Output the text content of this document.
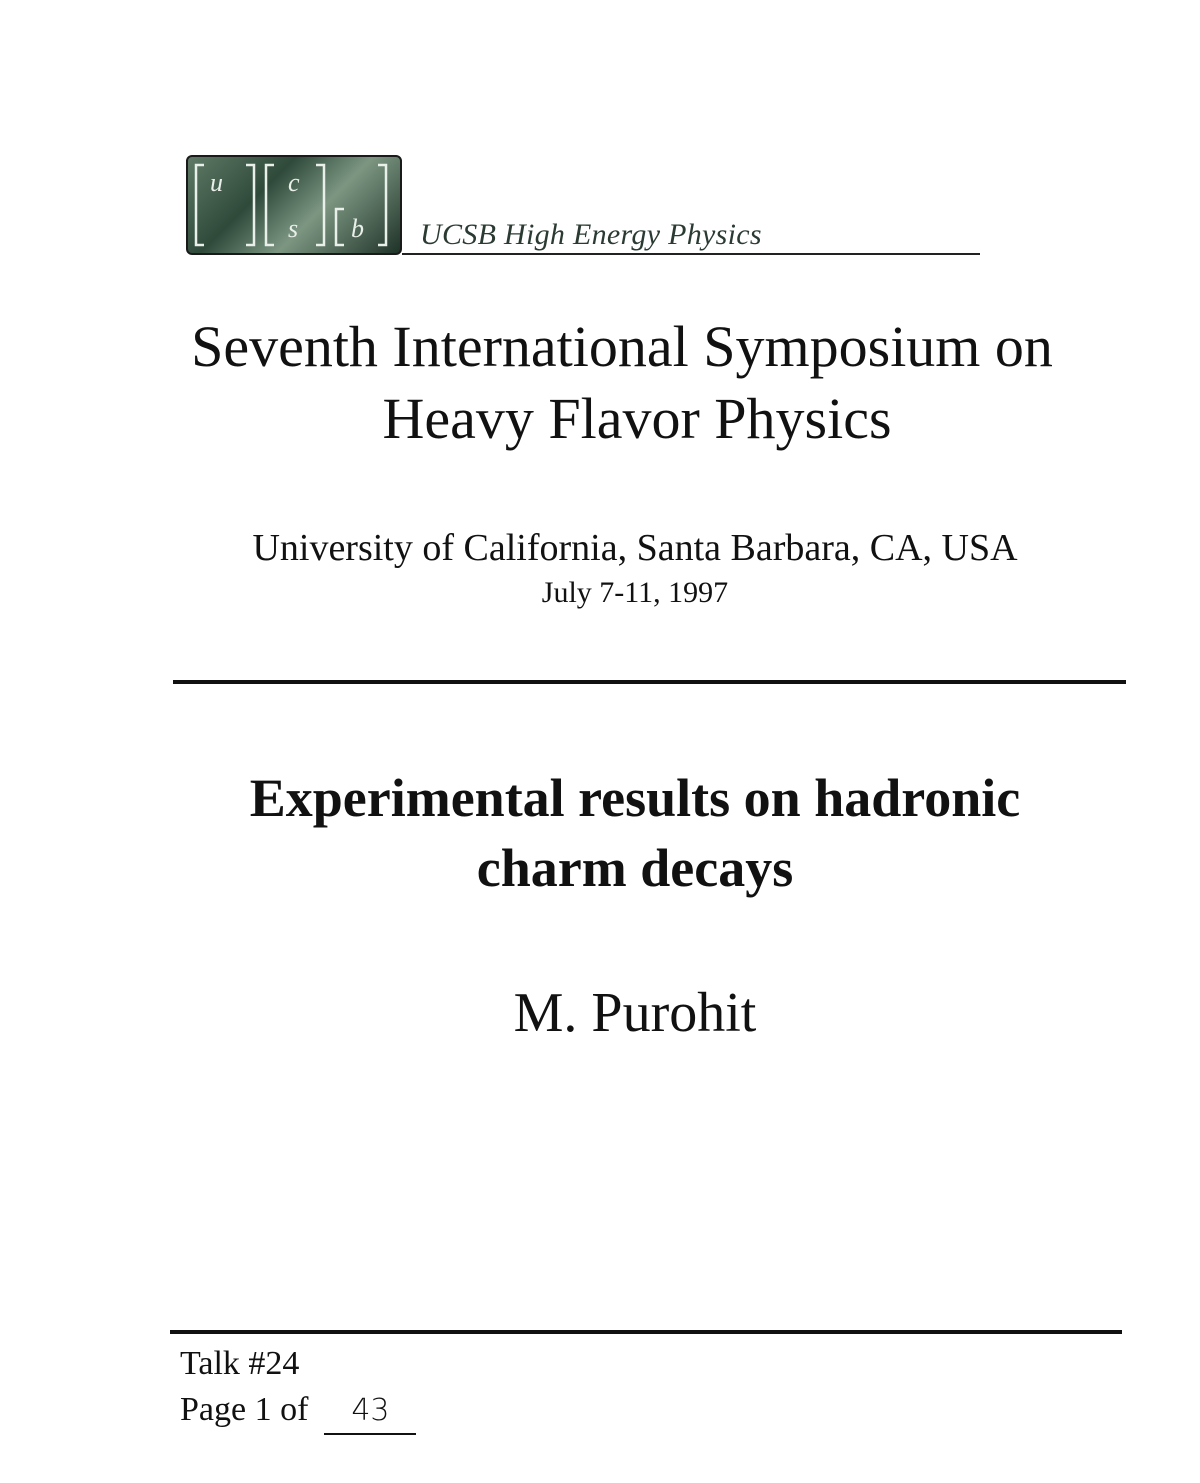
u	c
s b UCSB High Energy Physics
Seventh International Symposium on
Heavy Flavor Physics
University of California, Santa Barbara, CA, USA
July 7-11, 1997
Experimental results on hadronic
charm decays
M. Purohit
Talk #24
Page 1 of 43
